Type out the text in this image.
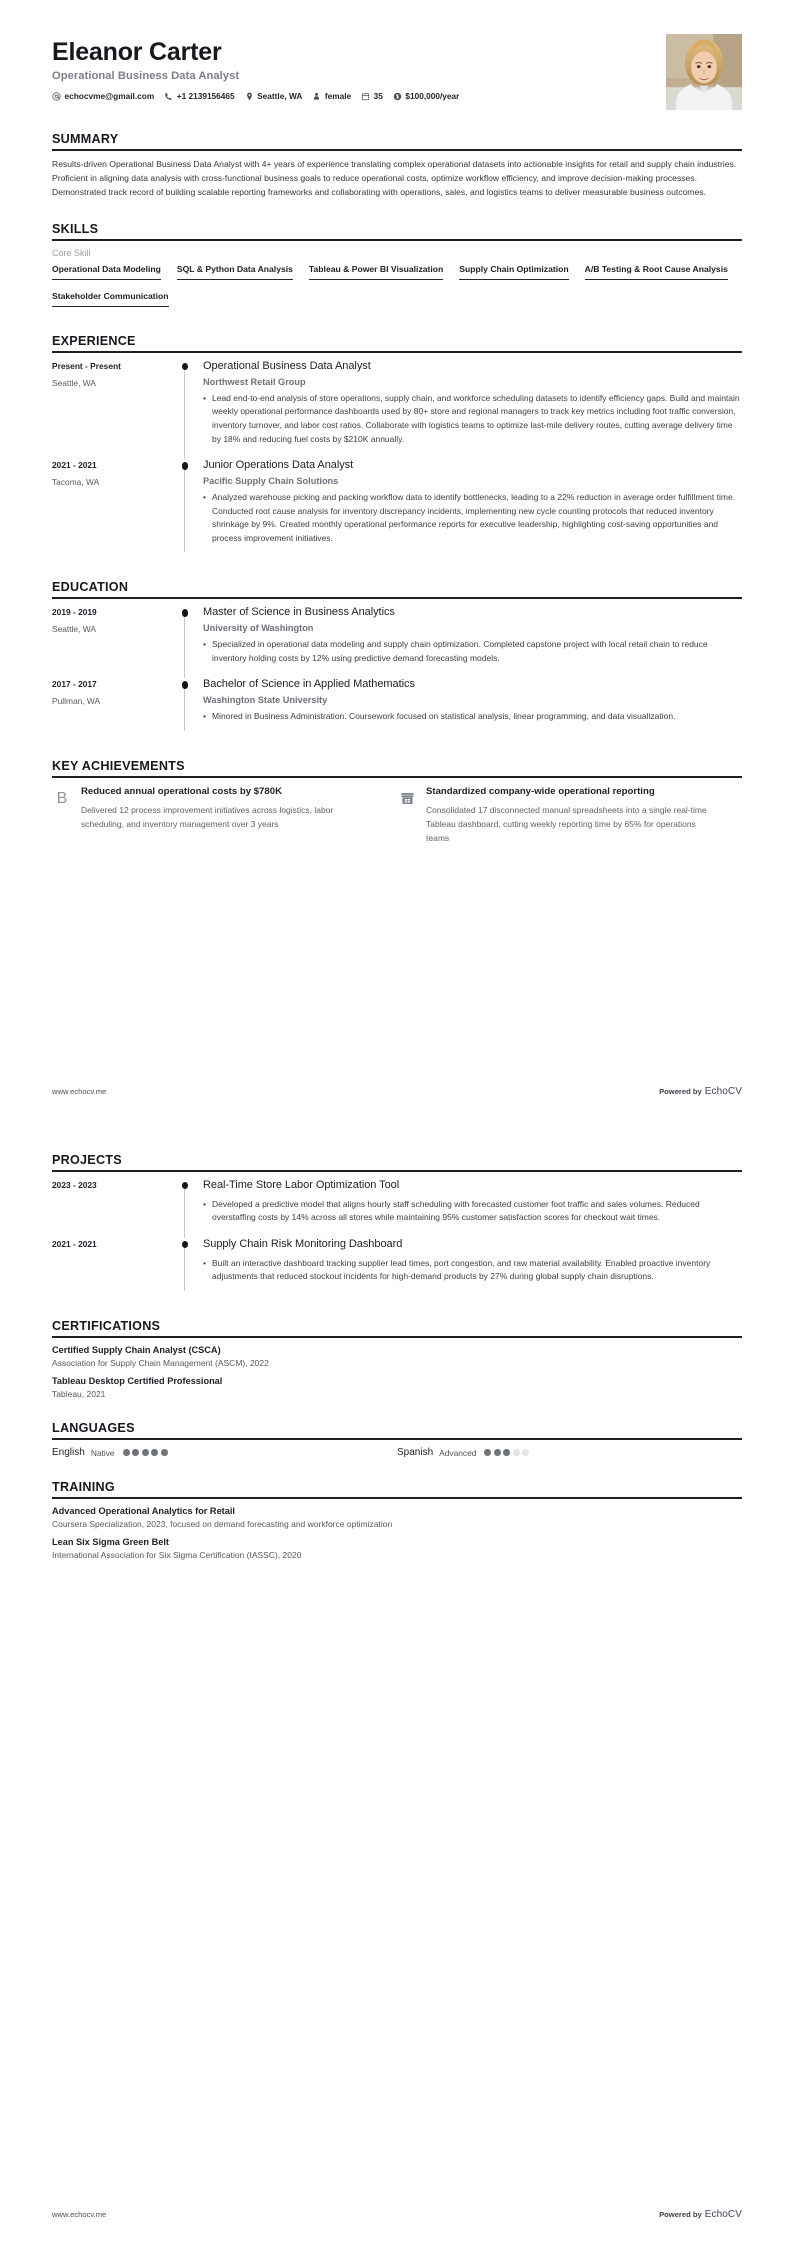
Eleanor Carter
Operational Business Data Analyst
echocvme@gmail.com	+1 2139156465	Seattle, WA	female	35	$100,000/year
SUMMARY
Results-driven Operational Business Data Analyst with 4+ years of experience translating complex operational datasets into actionable insights for retail and supply chain industries. Proficient in aligning data analysis with cross-functional business goals to reduce operational costs, optimize workflow efficiency, and improve decision-making processes. Demonstrated track record of building scalable reporting frameworks and collaborating with operations, sales, and logistics teams to deliver measurable business outcomes.
SKILLS
Core Skill
Operational Data Modeling SQL & Python Data Analysis Tableau & Power BI Visualization Supply Chain Optimization A/B Testing & Root Cause Analysis
Stakeholder Communication
EXPERIENCE
Present - Present
Seattle, WA
Operational Business Data Analyst
Northwest Retail Group
• Lead end-to-end analysis of store operations, supply chain, and workforce scheduling datasets to identify efficiency gaps. Build and maintain weekly operational performance dashboards used by 80+ store and regional managers to track key metrics including foot traffic conversion, inventory turnover, and labor cost ratios. Collaborate with logistics teams to optimize last-mile delivery routes, cutting average delivery time by 18% and reducing fuel costs by $210K annually.
2021 - 2021
Tacoma, WA
Junior Operations Data Analyst
Pacific Supply Chain Solutions
• Analyzed warehouse picking and packing workflow data to identify bottlenecks, leading to a 22% reduction in average order fulfillment time. Conducted root cause analysis for inventory discrepancy incidents, implementing new cycle counting protocols that reduced inventory shrinkage by 9%. Created monthly operational performance reports for executive leadership, highlighting cost-saving opportunities and process improvement initiatives.
EDUCATION
2019 - 2019
Seattle, WA
Master of Science in Business Analytics
University of Washington
• Specialized in operational data modeling and supply chain optimization. Completed capstone project with local retail chain to reduce inventory holding costs by 12% using predictive demand forecasting models.
2017 - 2017
Pullman, WA
Bachelor of Science in Applied Mathematics
Washington State University
• Minored in Business Administration. Coursework focused on statistical analysis, linear programming, and data visualization.
KEY ACHIEVEMENTS
B Reduced annual operational costs by $780K
Delivered 12 process improvement initiatives across logistics, labor scheduling, and inventory management over 3 years
Standardized company-wide operational reporting
Consolidated 17 disconnected manual spreadsheets into a single real-time Tableau dashboard, cutting weekly reporting time by 65% for operations teams
www.echocv.me	Powered by EchoCV
PROJECTS
2023 - 2023	Real-Time Store Labor Optimization Tool
• Developed a predictive model that aligns hourly staff scheduling with forecasted customer foot traffic and sales volumes. Reduced overstaffing costs by 14% across all stores while maintaining 95% customer satisfaction scores for checkout wait times.
2021 - 2021	Supply Chain Risk Monitoring Dashboard
• Built an interactive dashboard tracking supplier lead times, port congestion, and raw material availability. Enabled proactive inventory adjustments that reduced stockout incidents for high-demand products by 27% during global supply chain disruptions.
CERTIFICATIONS
Certified Supply Chain Analyst (CSCA)
Association for Supply Chain Management (ASCM), 2022
Tableau Desktop Certified Professional
Tableau, 2021
LANGUAGES
English Native	Spanish Advanced
TRAINING
Advanced Operational Analytics for Retail
Coursera Specialization, 2023, focused on demand forecasting and workforce optimization
Lean Six Sigma Green Belt
International Association for Six Sigma Certification (IASSC), 2020
www.echocv.me	Powered by EchoCV
